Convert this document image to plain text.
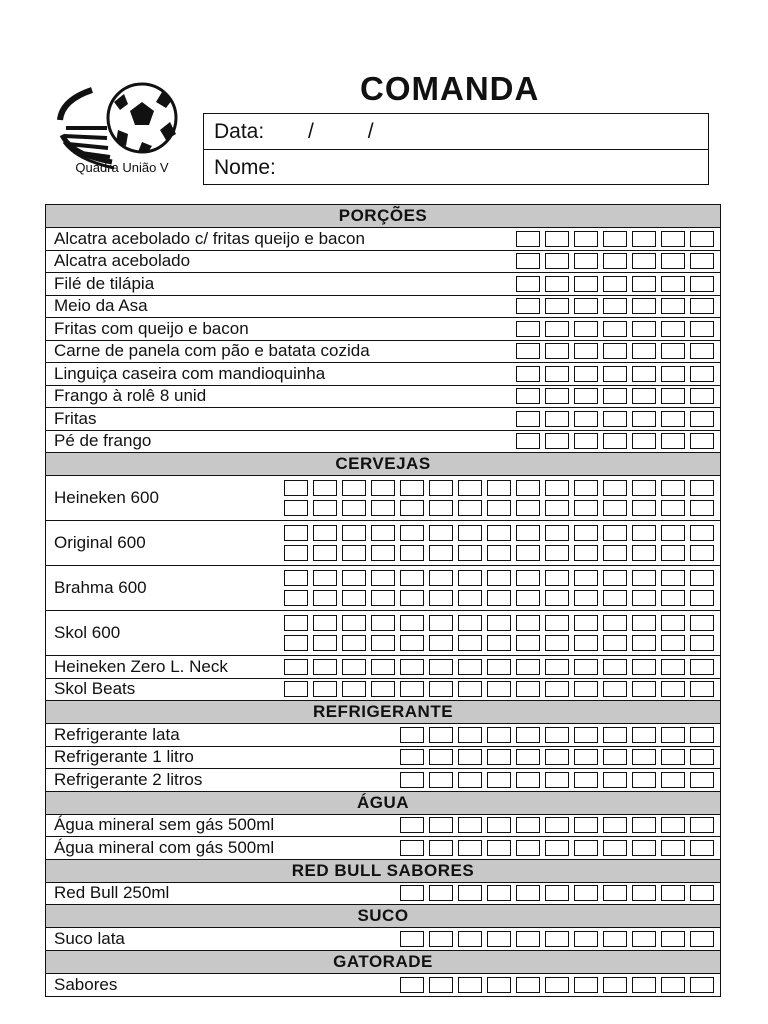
Quadra União V
COMANDA
Data: /	/
Nome:
PORÇÕES
Alcatra acebolado c/ fritas queijo e bacon
Alcatra acebolado
Filé de tilápia
Meio da Asa
Fritas com queijo e bacon
Carne de panela com pão e batata cozida
Linguiça caseira com mandioquinha
Frango à rolê 8 unid
Fritas
Pé de frango
CERVEJAS
Heineken 600
Original 600
Brahma 600
Skol 600
Heineken Zero L. Neck
Skol Beats
REFRIGERANTE
Refrigerante lata
Refrigerante 1 litro
Refrigerante 2 litros
ÁGUA
Água mineral sem gás 500ml
Água mineral com gás 500ml
RED BULL SABORES
Red Bull 250ml
SUCO
Suco lata
GATORADE
Sabores
